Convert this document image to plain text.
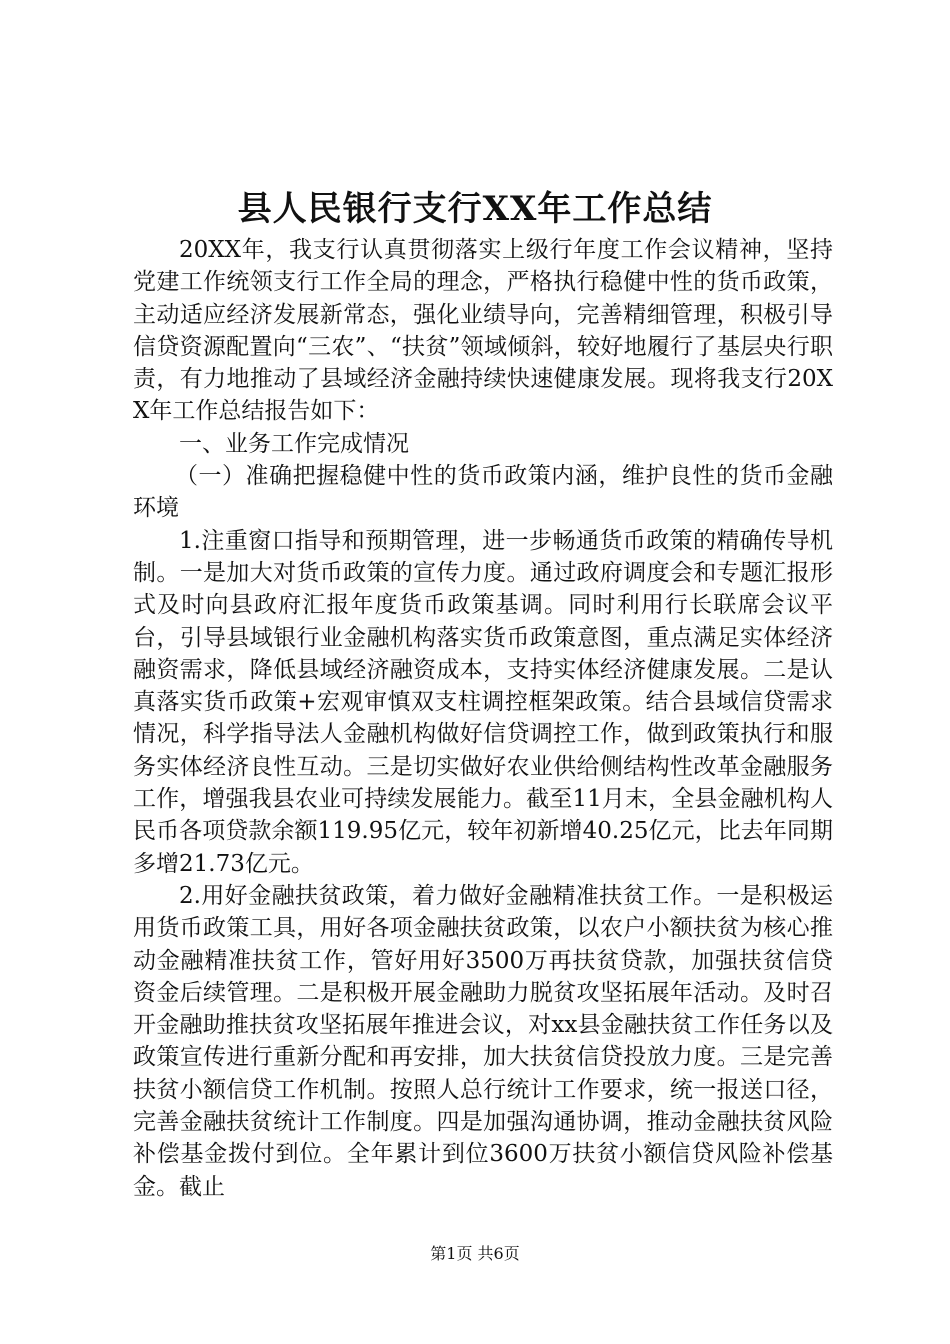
县人民银行支行XX年工作总结

20XX年，我支行认真贯彻落实上级行年度工作会议精神，坚持党建工作统领支行工作全局的理念，严格执行稳健中性的货币政策，主动适应经济发展新常态，强化业绩导向，完善精细管理，积极引导信贷资源配置向“三农”、“扶贫”领域倾斜，较好地履行了基层央行职责，有力地推动了县域经济金融持续快速健康发展。现将我支行20XX年工作总结报告如下：

一、业务工作完成情况

（一）准确把握稳健中性的货币政策内涵，维护良性的货币金融环境

1.注重窗口指导和预期管理，进一步畅通货币政策的精确传导机制。一是加大对货币政策的宣传力度。通过政府调度会和专题汇报形式及时向县政府汇报年度货币政策基调。同时利用行长联席会议平台，引导县域银行业金融机构落实货币政策意图，重点满足实体经济融资需求，降低县域经济融资成本，支持实体经济健康发展。二是认真落实货币政策+宏观审慎双支柱调控框架政策。结合县域信贷需求情况，科学指导法人金融机构做好信贷调控工作，做到政策执行和服务实体经济良性互动。三是切实做好农业供给侧结构性改革金融服务工作，增强我县农业可持续发展能力。截至11月末，全县金融机构人民币各项贷款余额119.95亿元，较年初新增40.25亿元，比去年同期多增21.73亿元。

2.用好金融扶贫政策，着力做好金融精准扶贫工作。一是积极运用货币政策工具，用好各项金融扶贫政策，以农户小额扶贫为核心推动金融精准扶贫工作，管好用好3500万再扶贫贷款，加强扶贫信贷资金后续管理。二是积极开展金融助力脱贫攻坚拓展年活动。及时召开金融助推扶贫攻坚拓展年推进会议，对xx县金融扶贫工作任务以及政策宣传进行重新分配和再安排，加大扶贫信贷投放力度。三是完善扶贫小额信贷工作机制。按照人总行统计工作要求，统一报送口径，完善金融扶贫统计工作制度。四是加强沟通协调，推动金融扶贫风险补偿基金拨付到位。全年累计到位3600万扶贫小额信贷风险补偿基金。截止

第1页 共6页
